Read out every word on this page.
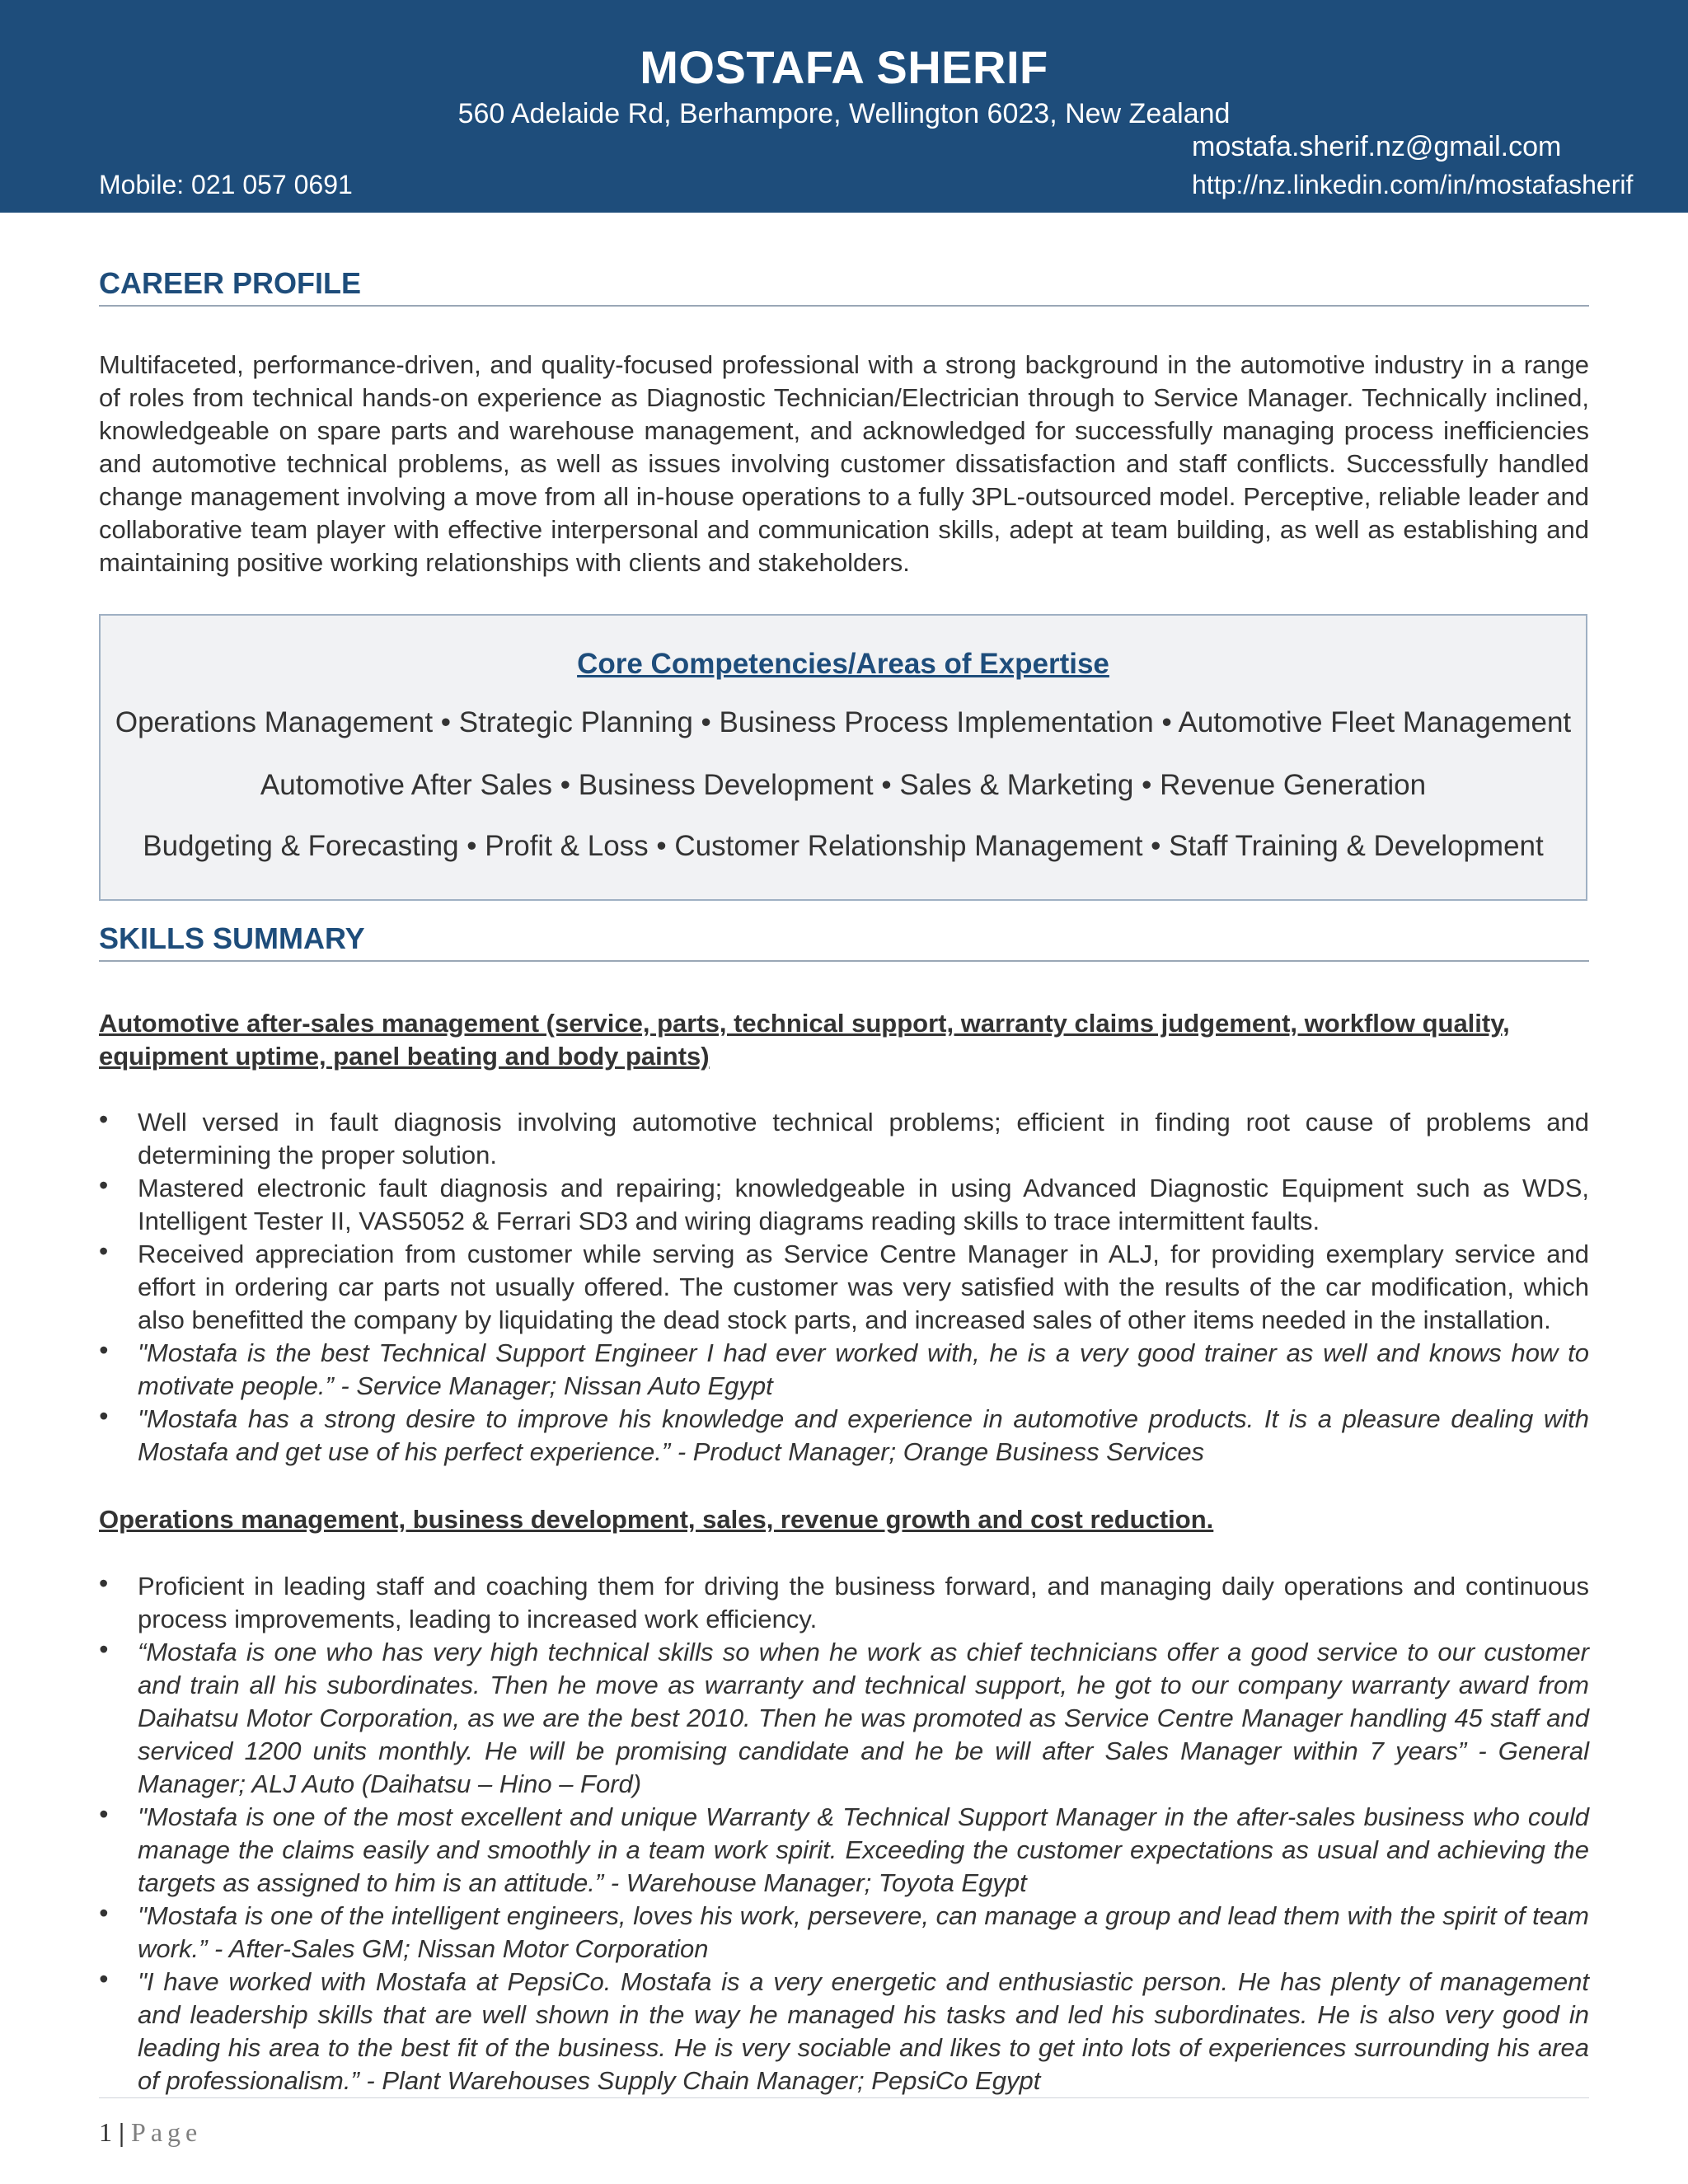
MOSTAFA SHERIF
560 Adelaide Rd, Berhampore, Wellington 6023, New Zealand
mostafa.sherif.nz@gmail.com
Mobile: 021 057 0691	http://nz.linkedin.com/in/mostafasherif
CAREER PROFILE
Multifaceted, performance-driven, and quality-focused professional with a strong background in the automotive industry in a range of roles from technical hands-on experience as Diagnostic Technician/Electrician through to Service Manager. Technically inclined, knowledgeable on spare parts and warehouse management, and acknowledged for successfully managing process inefficiencies and automotive technical problems, as well as issues involving customer dissatisfaction and staff conflicts. Successfully handled change management involving a move from all in-house operations to a fully 3PL-outsourced model. Perceptive, reliable leader and collaborative team player with effective interpersonal and communication skills, adept at team building, as well as establishing and maintaining positive working relationships with clients and stakeholders.
Core Competencies/Areas of Expertise
Operations Management • Strategic Planning • Business Process Implementation • Automotive Fleet Management
Automotive After Sales • Business Development • Sales & Marketing • Revenue Generation
Budgeting & Forecasting • Profit & Loss • Customer Relationship Management • Staff Training & Development
SKILLS SUMMARY
Automotive after-sales management (service, parts, technical support, warranty claims judgement, workflow quality, equipment uptime, panel beating and body paints)
• Well versed in fault diagnosis involving automotive technical problems; efficient in finding root cause of problems and determining the proper solution.
• Mastered electronic fault diagnosis and repairing; knowledgeable in using Advanced Diagnostic Equipment such as WDS, Intelligent Tester II, VAS5052 & Ferrari SD3 and wiring diagrams reading skills to trace intermittent faults.
• Received appreciation from customer while serving as Service Centre Manager in ALJ, for providing exemplary service and effort in ordering car parts not usually offered. The customer was very satisfied with the results of the car modification, which also benefitted the company by liquidating the dead stock parts, and increased sales of other items needed in the installation.
• "Mostafa is the best Technical Support Engineer I had ever worked with, he is a very good trainer as well and knows how to motivate people.” - Service Manager; Nissan Auto Egypt
• "Mostafa has a strong desire to improve his knowledge and experience in automotive products. It is a pleasure dealing with Mostafa and get use of his perfect experience.” - Product Manager; Orange Business Services
Operations management, business development, sales, revenue growth and cost reduction.
• Proficient in leading staff and coaching them for driving the business forward, and managing daily operations and continuous process improvements, leading to increased work efficiency.
• “Mostafa is one who has very high technical skills so when he work as chief technicians offer a good service to our customer and train all his subordinates. Then he move as warranty and technical support, he got to our company warranty award from Daihatsu Motor Corporation, as we are the best 2010. Then he was promoted as Service Centre Manager handling 45 staff and serviced 1200 units monthly. He will be promising candidate and he be will after Sales Manager within 7 years” - General Manager; ALJ Auto (Daihatsu – Hino – Ford)
• "Mostafa is one of the most excellent and unique Warranty & Technical Support Manager in the after-sales business who could manage the claims easily and smoothly in a team work spirit. Exceeding the customer expectations as usual and achieving the targets as assigned to him is an attitude.” - Warehouse Manager; Toyota Egypt
• "Mostafa is one of the intelligent engineers, loves his work, persevere, can manage a group and lead them with the spirit of team work.” - After-Sales GM; Nissan Motor Corporation
• "I have worked with Mostafa at PepsiCo. Mostafa is a very energetic and enthusiastic person. He has plenty of management and leadership skills that are well shown in the way he managed his tasks and led his subordinates. He is also very good in leading his area to the best fit of the business. He is very sociable and likes to get into lots of experiences surrounding his area of professionalism.” - Plant Warehouses Supply Chain Manager; PepsiCo Egypt
1 | Page
